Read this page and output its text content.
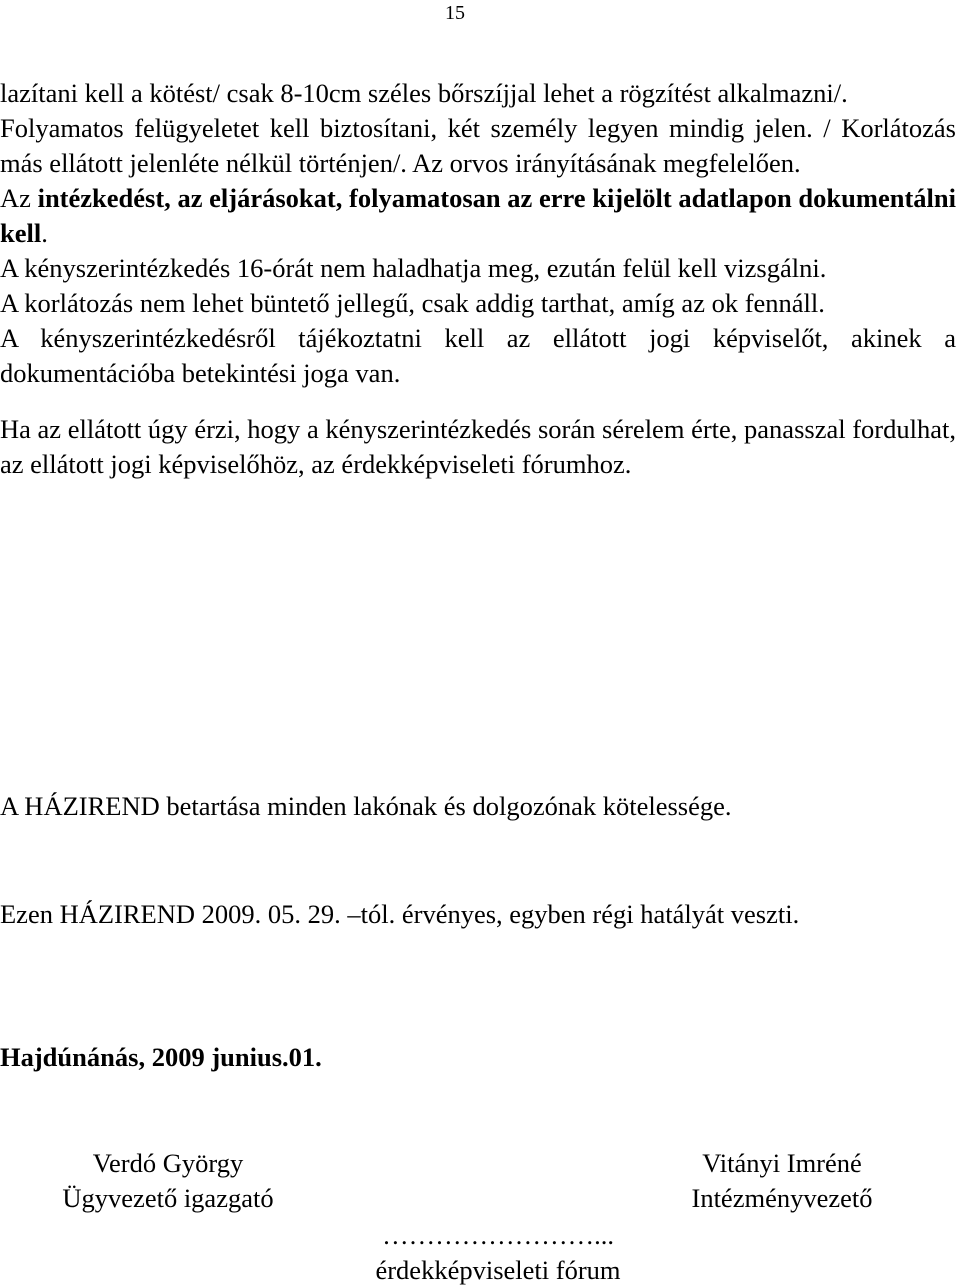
15

lazítani kell a kötést/ csak 8-10cm széles bőrszíjjal lehet a rögzítést alkalmazni/.

Folyamatos felügyeletet kell biztosítani, két személy legyen mindig jelen. / Korlátozás más ellátott jelenléte nélkül történjen/. Az orvos irányításának megfelelően.

Az intézkedést, az eljárásokat, folyamatosan az erre kijelölt adatlapon dokumentálni kell.

A kényszerintézkedés 16-órát nem haladhatja meg, ezután felül kell vizsgálni.

A korlátozás nem lehet büntető jellegű, csak addig tarthat, amíg az ok fennáll.

A kényszerintézkedésről tájékoztatni kell az ellátott jogi képviselőt, akinek a dokumentációba betekintési joga van.

Ha az ellátott úgy érzi, hogy a kényszerintézkedés során sérelem érte, panasszal fordulhat, az ellátott jogi képviselőhöz, az érdekképviseleti fórumhoz.

A HÁZIREND betartása minden lakónak és dolgozónak kötelessége.

Ezen HÁZIREND 2009. 05. 29. –tól. érvényes, egyben régi hatályát veszti.

Hajdúnánás, 2009 junius.01.

Verdó György
Ügyvezető igazgató
Vitányi Imréné
Intézményvezető
……………………...
érdekképviseleti fórum
